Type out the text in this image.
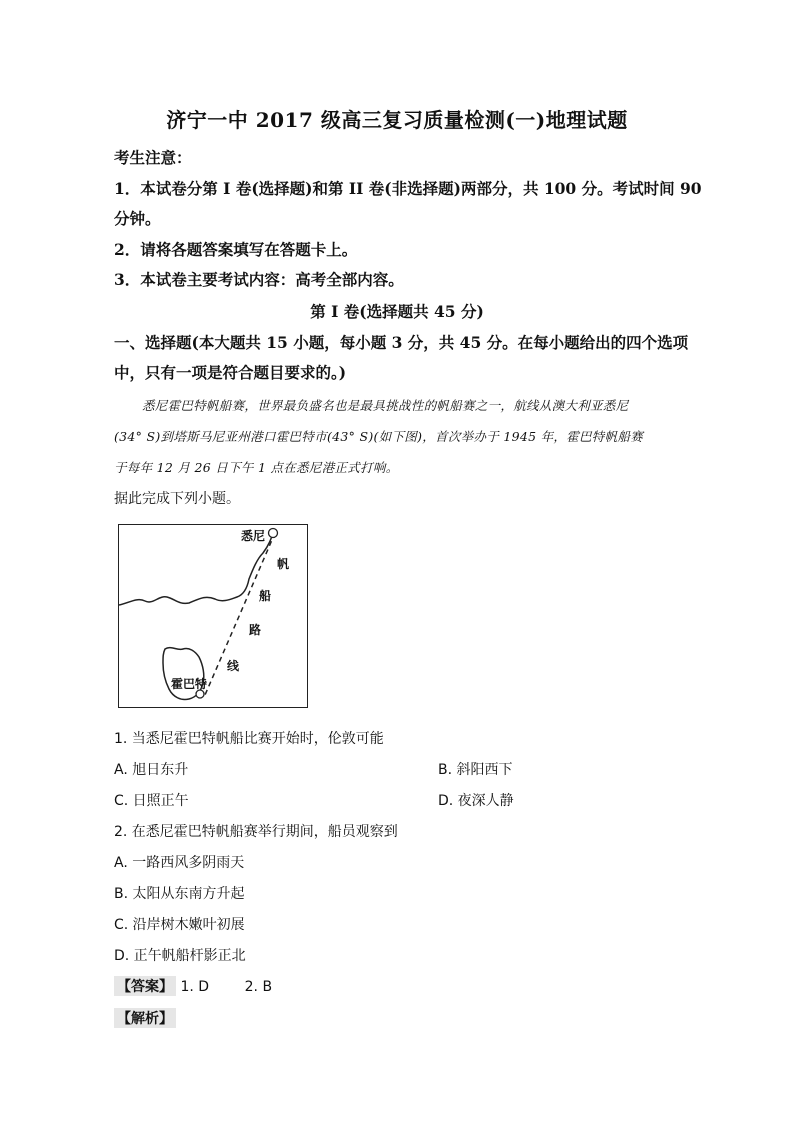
济宁一中 2017 级高三复习质量检测(一)地理试题
考生注意：
1．本试卷分第 I 卷(选择题)和第 II 卷(非选择题)两部分，共 100 分。考试时间 90
分钟。
2．请将各题答案填写在答题卡上。
3．本试卷主要考试内容：高考全部内容。
第 I 卷(选择题共 45 分)
一、选择题(本大题共 15 小题，每小题 3 分，共 45 分。在每小题给出的四个选项
中，只有一项是符合题目要求的。)
悉尼霍巴特帆船赛，世界最负盛名也是最具挑战性的帆船赛之一，航线从澳大利亚悉尼
(34° S)到塔斯马尼亚州港口霍巴特市(43° S)(如下图)，首次举办于 1945 年，霍巴特帆船赛
于每年 12 月 26 日下午 1 点在悉尼港正式打响。
据此完成下列小题。
悉尼
霍巴特
帆
船
路
线
1. 当悉尼霍巴特帆船比赛开始时，伦敦可能
A. 旭日东升	B. 斜阳西下
C. 日照正午	D. 夜深人静
2. 在悉尼霍巴特帆船赛举行期间，船员观察到
A. 一路西风多阴雨天
B. 太阳从东南方升起
C. 沿岸树木嫩叶初展
D. 正午帆船杆影正北
【答案】 1. D        2. B
【解析】
